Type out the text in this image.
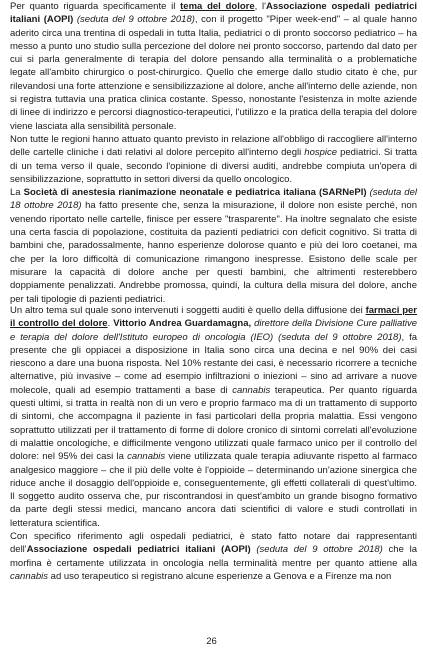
Per quanto riguarda specificamente il tema del dolore, l'Associazione ospedali pediatrici italiani (AOPI) (seduta del 9 ottobre 2018), con il progetto "Piper week-end" – al quale hanno aderito circa una trentina di ospedali in tutta Italia, pediatrici o di pronto soccorso pediatrico – ha messo a punto uno studio sulla percezione del dolore nei pronto soccorso, partendo dal dato per cui si parla generalmente di terapia del dolore pensando alla terminalità o a problematiche legate all'ambito chirurgico o post-chirurgico. Quello che emerge dallo studio citato è che, pur rilevandosi una forte attenzione e sensibilizzazione al dolore, anche all'interno delle aziende, non si registra tuttavia una pratica clinica costante. Spesso, nonostante l'esistenza in molte aziende di linee di indirizzo e percorsi diagnostico-terapeutici, l'utilizzo e la pratica della terapia del dolore viene lasciata alla sensibilità personale.

Non tutte le regioni hanno attuato quanto previsto in relazione all'obbligo di raccogliere all'interno delle cartelle cliniche i dati relativi al dolore percepito all'interno degli hospice pediatrici. Si tratta di un tema verso il quale, secondo l'opinione di diversi auditi, andrebbe compiuta un'opera di sensibilizzazione, soprattutto in settori diversi da quello oncologico.

La Società di anestesia rianimazione neonatale e pediatrica italiana (SARNePI) (seduta del 18 ottobre 2018) ha fatto presente che, senza la misurazione, il dolore non esiste perché, non venendo riportato nelle cartelle, finisce per essere "trasparente". Ha inoltre segnalato che esiste una certa fascia di popolazione, costituita da pazienti pediatrici con deficit cognitivo. Si tratta di bambini che, paradossalmente, hanno esperienze dolorose quanto e più dei loro coetanei, ma che per la loro difficoltà di comunicazione rimangono inespresse. Esistono delle scale per misurare la capacità di dolore anche per questi bambini, che altrimenti resterebbero doppiamente penalizzati. Andrebbe promossa, quindi, la cultura della misura del dolore, anche per tali tipologie di pazienti pediatrici.

Un altro tema sul quale sono intervenuti i soggetti auditi è quello della diffusione dei farmaci per il controllo del dolore. Vittorio Andrea Guardamagna, direttore della Divisione Cure palliative e terapia del dolore dell'Istituto europeo di oncologia (IEO) (seduta del 9 ottobre 2018), fa presente che gli oppiacei a disposizione in Italia sono circa una decina e nel 90% dei casi riescono a dare una buona risposta. Nel 10% restante dei casi, è necessario ricorrere a tecniche alternative, più invasive – come ad esempio infiltrazioni o iniezioni – sino ad arrivare a nuove molecole, quali ad esempio trattamenti a base di cannabis terapeutica. Per quanto riguarda questi ultimi, si tratta in realtà non di un vero e proprio farmaco ma di un trattamento di supporto di sintomi, che accompagna il paziente in fasi particolari della propria malattia. Essi vengono soprattutto utilizzati per il trattamento di forme di dolore cronico di sintomi correlati all'evoluzione di malattie oncologiche, e difficilmente vengono utilizzati quale farmaco unico per il controllo del dolore: nel 95% dei casi la cannabis viene utilizzata quale terapia adiuvante rispetto al farmaco analgesico maggiore – che il più delle volte è l'oppioide – determinando un'azione sinergica che riduce anche il dosaggio dell'oppioide e, conseguentemente, gli effetti collaterali di quest'ultimo. Il soggetto audito osserva che, pur riscontrandosi in quest'ambito un grande bisogno formativo da parte degli stessi medici, mancano ancora dati scientifici di valore e studi controllati in letteratura scientifica.

Con specifico riferimento agli ospedali pediatrici, è stato fatto notare dai rappresentanti dell'Associazione ospedali pediatrici italiani (AOPI) (seduta del 9 ottobre 2018) che la morfina è certamente utilizzata in oncologia nella terminalità mentre per quanto attiene alla cannabis ad uso terapeutico si registrano alcune esperienze a Genova e a Firenze ma non

26
